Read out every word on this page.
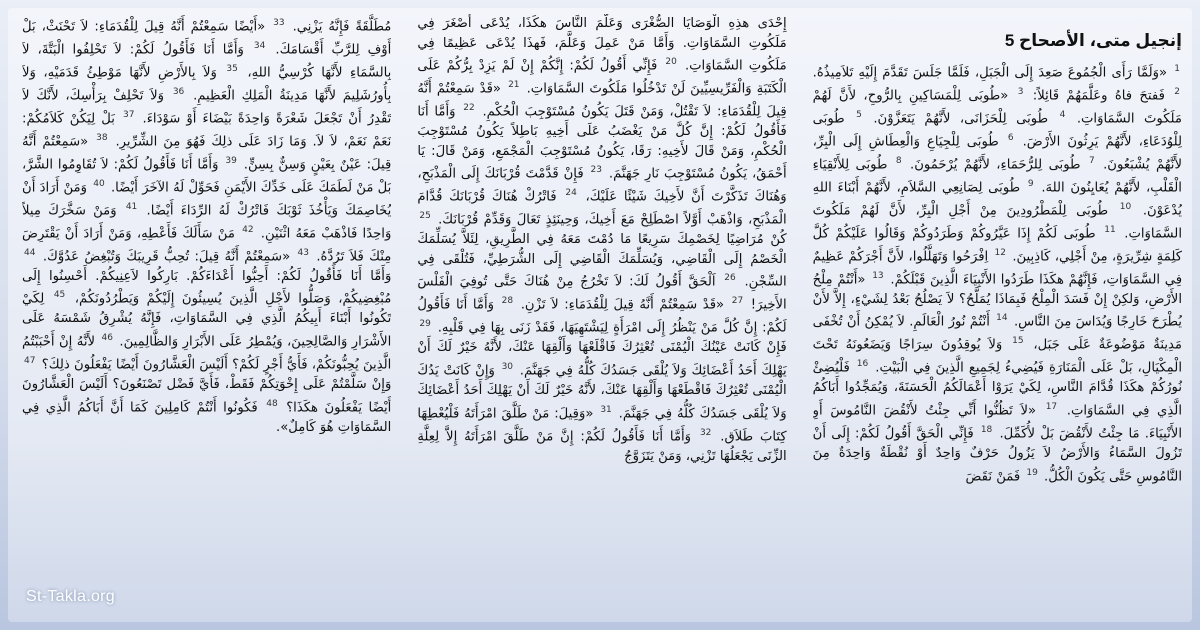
إنجيل متى، الأصحاح 5
$^1$ «وَلَمَّا رَأَى الْجُمُوعَ صَعِدَ إِلَى الْجَبَلِ، فَلَمَّا جَلَسَ تَقَدَّمَ إِلَيْهِ تَلاَمِيذُهُ. $^2$ فَفتحَ فاهُ وعَلَّمَهُمْ قَائِلاً: $^3$ «طُوبَى لِلْمَسَاكِينِ بِالرُّوحِ، لأَنَّ لَهُمْ مَلَكُوتَ السَّمَاوَاتِ. $^4$ طُوبَى لِلْحَزَانَى، لأَنَّهُمْ يَتَعَزَّوْنَ. $^5$ طُوبَى لِلْوُدَعَاءِ، لأَنَّهُمْ يَرِثُونَ الأَرْضَ. $^6$ طُوبَى لِلْجِيَاعِ وَالْعِطَاشِ إِلَى الْبِرِّ، لأَنَّهُمْ يُشْبَعُونَ. $^7$ طُوبَى لِلرُّحَمَاءِ، لأَنَّهُمْ يُرْحَمُونَ. $^8$ طُوبَى لِلأَنْقِيَاءِ الْقَلْبِ، لأَنَّهُمْ يُعَايِنُونَ اللهَ. $^9$ طُوبَى لِصَانِعِي السَّلاَمِ، لأَنَّهُمْ أَبْنَاءَ اللهِ يُدْعَوْنَ. $^{10}$ طُوبَى لِلْمَطْرُودِينَ مِنْ أَجْلِ الْبِرِّ، لأَنَّ لَهُمْ مَلَكُوتَ السَّمَاوَاتِ. $^{11}$ طُوبَى لَكُمْ إِذَا عَيَّرُوكُمْ وَطَرَدُوكُمْ وَقَالُوا عَلَيْكُمْ كُلَّ كَلِمَةٍ شِرِّيرَةٍ، مِنْ أَجْلِي، كَاذِبِينَ. $^{12}$ اِفْرَحُوا وَتَهَلَّلُوا، لأَنَّ أَجْرَكُمْ عَظِيمٌ فِي السَّمَاوَاتِ، فَإِنَّهُمْ هكَذَا طَرَدُوا الأَنْبِيَاءَ الَّذِينَ قَبْلَكُمْ. $^{13}$ «أَنْتُمْ مِلْحُ الأَرْضِ، وَلكِنْ إِنْ فَسَدَ الْمِلْحُ فَبِمَاذَا يُمَلَّحُ؟ لاَ يَصْلُحُ بَعْدُ لِشَيْءٍ، إِلاَّ لأَنْ يُطْرَحَ خَارِجًا وَيُدَاسَ مِنَ النَّاسِ. $^{14}$ أَنْتُمْ نُورُ الْعَالَمِ. لاَ يُمْكِنُ أَنْ تُخْفَى مَدِينَةٌ مَوْضُوعَةٌ عَلَى جَبَل، $^{15}$ وَلاَ يُوقِدُونَ سِرَاجًا وَيَضَعُونَهُ تَحْتَ الْمِكْيَالِ، بَلْ عَلَى الْمَنَارَةِ فَيُضِيءُ لِجَمِيعِ الَّذِينَ فِي الْبَيْتِ. $^{16}$ فَلْيُضِئْ نُورُكُمْ هكَذَا قُدَّامَ النَّاسِ، لِكَيْ يَرَوْا أَعْمَالَكُمُ الْحَسَنَةَ، وَيُمَجِّدُوا أَبَاكُمُ الَّذِي فِي السَّمَاوَاتِ. $^{17}$ «لاَ تَظُنُّوا أَنِّي جِئْتُ لأَنْقُضَ النَّامُوسَ أَوِ الأَنْبِيَاءَ. مَا جِئْتُ لأَنْقُضَ بَلْ لأُكَمِّلَ. $^{18}$ فَإِنِّي الْحَقَّ أَقُولُ لَكُمْ: إِلَى أَنْ تَزُولَ السَّمَاءُ وَالأَرْضُ لاَ يَزُولُ حَرْفٌ وَاحِدٌ أَوْ نُقْطَةٌ وَاحِدَةٌ مِنَ النَّامُوسِ حَتَّى يَكُونَ الْكُلُّ. $^{19}$ فَمَنْ نَقَضَ
إِحْدَى هذِهِ الْوَصَايَا الصُّغْرَى وَعَلَّمَ النَّاسَ هكَذَا، يُدْعَى أَصْغَرَ فِي مَلَكُوتِ السَّمَاوَاتِ. وَأَمَّا مَنْ عَمِلَ وَعَلَّمَ، فَهذَا يُدْعَى عَظِيمًا فِي مَلَكُوتِ السَّمَاوَاتِ. $^{20}$ فَإِنِّي أَقُولُ لَكُمْ: إِنَّكُمْ إِنْ لَمْ يَزِدْ بِرُّكُمْ عَلَى الْكَتَبَةِ وَالْفَرِّيسِيِّينَ لَنْ تَدْخُلُوا مَلَكُوتَ السَّمَاوَاتِ. $^{21}$ «قَدْ سَمِعْتُمْ أَنَّهُ قِيلَ لِلْقُدَمَاءِ: لاَ تَقْتُلْ، وَمَنْ قَتَلَ يَكُونُ مُسْتَوْجِبَ الْحُكْمِ. $^{22}$ وَأَمَّا أَنَا فَأَقُولُ لَكُمْ: إِنَّ كُلَّ مَنْ يَغْضَبُ عَلَى أَخِيهِ بَاطِلاً يَكُونُ مُسْتَوْجِبَ الْحُكْمِ، وَمَنْ قَالَ لأَخِيهِ: رَقَا، يَكُونُ مُسْتَوْجِبَ الْمَجْمَعِ، وَمَنْ قَالَ: يَا أَحْمَقُ، يَكُونُ مُسْتَوْجِبَ نَارِ جَهَنَّمَ. $^{23}$ فَإِنْ قَدَّمْتَ قُرْبَانَكَ إِلَى الْمَذْبَحِ، وَهُنَاكَ تَذَكَّرْتَ أَنَّ لأَخِيكَ شَيْئًا عَلَيْكَ، $^{24}$ فَاتْرُكْ هُنَاكَ قُرْبَانَكَ قُدَّامَ الْمَذْبَحِ، وَاذْهَبْ أَوَّلاً اصْطَلِحْ مَعَ أَخِيكَ، وَحِينَئِذٍ تَعَالَ وَقَدِّمْ قُرْبَانَكَ. $^{25}$ كُنْ مُرَاضِيًا لِخَصْمِكَ سَرِيعًا مَا دُمْتَ مَعَهُ فِي الطَّرِيقِ، لِئَلاَّ يُسَلِّمَكَ الْخَصْمُ إِلَى الْقَاضِي، وَيُسَلِّمَكَ الْقَاضِي إِلَى الشُّرَطِيِّ، فَتُلْقَى فِي السِّجْنِ. $^{26}$ اَلْحَقَّ أَقُولُ لَكَ: لاَ تَخْرُجُ مِنْ هُنَاكَ حَتَّى تُوفِيَ الْفَلْسَ الأَخِيرَ! $^{27}$ «قَدْ سَمِعْتُمْ أَنَّهُ قِيلَ لِلْقُدَمَاءِ: لاَ تَزْنِ. $^{28}$ وَأَمَّا أَنَا فَأَقُولُ لَكُمْ: إِنَّ كُلَّ مَنْ يَنْظُرُ إِلَى امْرَأَةٍ لِيَشْتَهِيَهَا، فَقَدْ زَنَى بِهَا فِي قَلْبِهِ. $^{29}$ فَإِنْ كَانَتْ عَيْنُكَ الْيُمْنَى تُعْثِرُكَ فَاقْلَعْهَا وَأَلْقِهَا عَنْكَ، لأَنَّهُ خَيْرٌ لَكَ أَنْ يَهْلِكَ أَحَدُ أَعْضَائِكَ وَلاَ يُلْقَى جَسَدُكَ كُلُّهُ فِي جَهَنَّمَ. $^{30}$ وَإِنْ كَانَتْ يَدُكَ الْيُمْنَى تُعْثِرُكَ فَاقْطَعْهَا وَأَلْقِهَا عَنْكَ، لأَنَّهُ خَيْرٌ لَكَ أَنْ يَهْلِكَ أَحَدُ أَعْضَائِكَ وَلاَ يُلْقَى جَسَدُكَ كُلُّهُ فِي جَهَنَّمَ. $^{31}$ «وَقِيلَ: مَنْ طَلَّقَ امْرَأَتَهُ فَلْيُعْطِهَا كِتَابَ طَلاَق. $^{32}$ وَأَمَّا أَنَا فَأَقُولُ لَكُمْ: إِنَّ مَنْ طَلَّقَ امْرَأَتَهُ إِلاَّ لِعِلَّةِ الزِّنَى يَجْعَلُهَا تَزْنِي، وَمَنْ يَتَزَوَّجُ
مُطَلَّقَةً فَإِنَّهُ يَزْنِي. $^{33}$ «أَيْضًا سَمِعْتُمْ أَنَّهُ قِيلَ لِلْقُدَمَاءِ: لاَ تَحْنَثْ، بَلْ أَوْفِ لِلرَّبِّ أَقْسَامَكَ. $^{34}$ وَأَمَّا أَنَا فَأَقُولُ لَكُمْ: لاَ تَحْلِفُوا الْبَتَّةَ، لاَ بِالسَّمَاءِ لأَنَّهَا كُرْسِيُّ اللهِ، $^{35}$ وَلاَ بِالأَرْضِ لأَنَّهَا مَوْطِئُ قَدَمَيْهِ، وَلاَ بِأُورُشَلِيمَ لأَنَّهَا مَدِينَةُ الْمَلِكِ الْعَظِيمِ. $^{36}$ وَلاَ تَحْلِفْ بِرَأْسِكَ، لأَنَّكَ لاَ تَقْدِرُ أَنْ تَجْعَلَ شَعْرَةً وَاحِدَةً بَيْضَاءَ أَوْ سَوْدَاءَ. $^{37}$ بَلْ لِيَكُنْ كَلاَمُكُمْ: نَعَمْ نَعَمْ، لاَ لاَ. وَمَا زَادَ عَلَى ذلِكَ فَهُوَ مِنَ الشِّرِّيرِ. $^{38}$ «سَمِعْتُمْ أَنَّهُ قِيلَ: عَيْنٌ بِعَيْنٍ وَسِنٌّ بِسِنٍّ. $^{39}$ وَأَمَّا أَنَا فَأَقُولُ لَكُمْ: لاَ تُقَاوِمُوا الشَّرَّ، بَلْ مَنْ لَطَمَكَ عَلَى خَدِّكَ الأَيْمَنِ فَحَوِّلْ لَهُ الآخَرَ أَيْضًا. $^{40}$ وَمَنْ أَرَادَ أَنْ يُخَاصِمَكَ وَيَأْخُذَ ثَوْبَكَ فَاتْرُكْ لَهُ الرِّدَاءَ أَيْضًا. $^{41}$ وَمَنْ سَخَّرَكَ مِيلاً وَاحِدًا فَاذْهَبْ مَعَهُ اثْنَيْنِ. $^{42}$ مَنْ سَأَلَكَ فَأَعْطِهِ، وَمَنْ أَرَادَ أَنْ يَقْتَرِضَ مِنْكَ فَلاَ تَرُدَّهُ. $^{43}$ «سَمِعْتُمْ أَنَّهُ قِيلَ: تُحِبُّ قَرِيبَكَ وَتُبْغِضُ عَدُوَّكَ. $^{44}$ وَأَمَّا أَنَا فَأَقُولُ لَكُمْ: أَحِبُّوا أَعْدَاءَكُمْ. بَارِكُوا لاَعِنِيكُمْ. أَحْسِنُوا إِلَى مُبْغِضِيكُمْ، وَصَلُّوا لأَجْلِ الَّذِينَ يُسِيئُونَ إِلَيْكُمْ وَيَطْرُدُونَكُمْ، $^{45}$ لِكَيْ تَكُونُوا أَبْنَاءَ أَبِيكُمُ الَّذِي فِي السَّمَاوَاتِ، فَإِنَّهُ يُشْرِقُ شَمْسَهُ عَلَى الأَشْرَارِ وَالصَّالِحِينَ، وَيُمْطِرُ عَلَى الأَبْرَارِ وَالظَّالِمِينَ. $^{46}$ لأَنَّهُ إِنْ أَحْبَبْتُمُ الَّذِينَ يُحِبُّونَكُمْ، فَأَيُّ أَجْرٍ لَكُمْ؟ أَلَيْسَ الْعَشَّارُونَ أَيْضًا يَفْعَلُونَ ذلِكَ؟ $^{47}$ وَإِنْ سَلَّمْتُمْ عَلَى إِخْوَتِكُمْ فَقَطْ، فَأَيَّ فَضْل تَصْنَعُونَ؟ أَلَيْسَ الْعَشَّارُونَ أَيْضًا يَفْعَلُونَ هكَذَا؟ $^{48}$ فَكُونُوا أَنْتُمْ كَامِلِينَ كَمَا أَنَّ أَبَاكُمُ الَّذِي فِي السَّمَاوَاتِ هُوَ كَامِلٌ».
St-Takla.org
